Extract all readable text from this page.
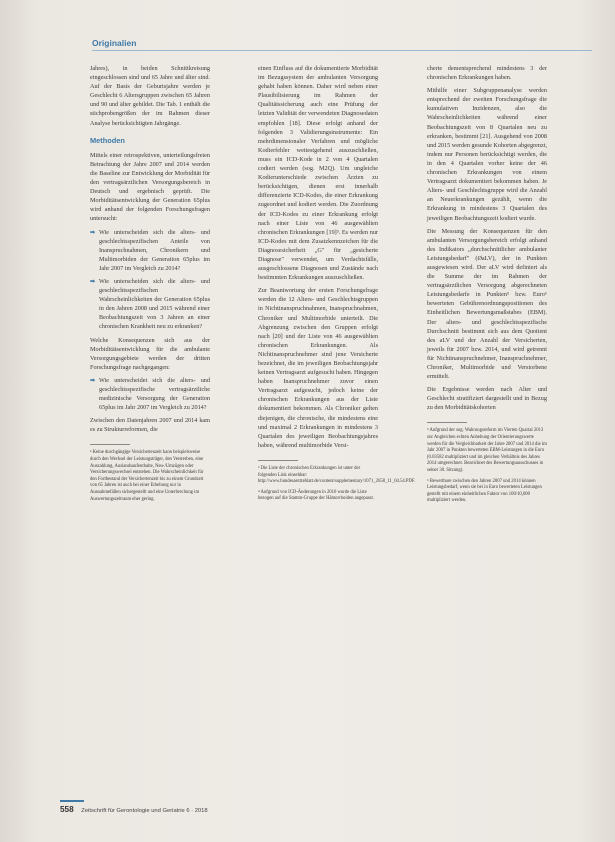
Originalien

Jahres), in beiden Schnittkreisung eingeschlossen sind und 65 Jahre und älter sind. Auf der Basis der Geburtsjahre werden je Geschlecht 6 Altersgruppen zwischen 65 Jahren und 90 und älter gebildet. Die Tab. 1 enthält die stichprobengrößen der im Rahmen dieser Analyse berücksichtigten Jahrgänge.

Methoden

Mittels einer retrospektiven, unterteilungsfreien Betrachtung der Jahre 2007 und 2014 werden die Baseline zur Entwicklung der Morbidität für den vertragsärztlichen Versorgungsbereich in Deutsch und ergebnisch geprüft. Die Morbiditätsentwicklung der Generation 65plus wird anhand der folgenden Forschungsfragen untersucht:

➡ Wie unterscheiden sich die alters- und geschlechtsspezifischen Anteile von Inanspruchnahmen, Chronikern und Multimorbiden der Generation 65plus im Jahr 2007 im Vergleich zu 2014?
➡ Wie unterscheiden sich die alters- und geschlechtsspezifischen Wahrscheinlichkeiten der Generation 65plus in den Jahren 2008 und 2015 während einer Beobachtungszeit von 3 Jahren an einer chronischen Krankheit neu zu erkranken?

Welche Konsequenzen sich aus der Morbiditätsentwicklung für die ambulante Versorgungsgebiete werden der dritten Forschungsfrage nachgegangen:

➡ Wie unterscheidet sich die alters- und geschlechtsspezifische vertragsärztliche medizinische Versorgung der Generation 65plus im Jahr 2007 im Vergleich zu 2014?

Zwischen den Datenjahren 2007 und 2014 kam es zu Strukturreformen, die

² Keine durchgängige Versichertenzeit kann beispielsweise durch den Wechsel der Leistungsträger, den Versterben, eine Auszahlung, Auslandsaufenthalte, Neu-/Umzügen oder Versicherungswechsel entstehen. Die Wahrscheinlichkeit für den Fortbestand der Versichertenzeit bis zu einem Grundzeit von 65 Jahren ist auch bei einer Erhebung nur in Ausnahmefällen sichergestellt und eine Unterbrechung im Auswertungszeitraum eher gering.

einen Einfluss auf die dokumentierte Morbidität im Bezugssystem der ambulanten Versorgung gehabt haben können. Daher wird neben einer Plausibilisierung im Rahmen der Qualitätssicherung auch eine Prüfung der letzten Validität der verwendeten Diagnosedaten empfohlen [18]. Diese erfolgt anhand der folgenden 3 Validierungsinstrumente: Ein mehrdimensionaler Verfahren und mögliche Kodierfehler weitestgehend auszuschließen, muss ein ICD-Kode in 2 von 4 Quartalen codiert werden (sog. M2Q). Um ungleiche Kodierunterschiede zwischen Ärzten zu berücksichtigen, dienen erst innerhalb differenzierte ICD-Kodes, die einer Erkrankung zugeordnet und kodiert werden. Die Zuordnung der ICD-Kodes zu einer Erkrankung erfolgt nach einer Liste von 46 ausgewählten chronischen Erkrankungen [19]³. Es werden nur ICD-Kodes mit dem Zusatzkennzeichen für die Diagnosesicherheit „G" für „gesicherte Diagnose" verwendet, um Verdachtsfälle, ausgeschlossene Diagnosen und Zustände nach bestimmten Erkrankungen auszuschließen.

Zur Beantwortung der ersten Forschungsfrage werden die 12 Alters- und Geschlechtsgruppen in Nichtinanspruchnahmen, Inanspruchnahmen, Chroniker und Multimorbide unterteilt. Die Abgrenzung zwischen den Gruppen erfolgt nach [20] und der Liste von 46 ausgewählten chronischen Erkrankungen. Als Nichtinanspruchnehmer sind jene Versicherte bezeichnet, die im jeweiligen Beobachtungsjahr keinen Vertragsarzt aufgesucht haben. Hingegen haben Inanspruchnehmer zuvor einen Vertragsarzt aufgesucht, jedoch keine der chronischen Erkrankungen aus der Liste dokumentiert bekommen. Als Chroniker gelten diejenigen, die chronische, die mindestens eine und maximal 2 Erkrankungen in mindestens 3 Quartalen des jeweiligen Beobachtungsjahres haben, während multimorbide Versi-

³ Die Liste der chronischen Erkrankungen ist unter der folgenden Link einsehbar: http://www.bundesaerzteblatt.de/content/supplementary/1071_2658_11_04.54.PDF.

⁴ Aufgrund von ICD-Änderungen in 2010 wurde die Liste bezogen auf die Stamm-Gruppe der Hämorrhoiden angepasst.

cherte dementsprechend mindestens 3 der chronischen Erkrankungen haben.

Mithilfe einer Subgruppenanalyse werden entsprechend der zweiten Forschungsfrage die kumulativen Inzidenzen, also die Wahrscheinlichkeiten während einer Beobachtungszeit von 8 Quartalen neu zu erkranken, bestimmt [21]. Ausgehend von 2008 und 2015 werden gesunde Kohorten abgegrenzt, indem nur Personen berücksichtigt werden, die in den 4 Quartalen vorher keine der 46 chronischen Erkrankungen von einem Vertragsarzt dokumentiert bekommen haben. Je Alters- und Geschlechtsgruppe wird die Anzahl an Neuerkrankungen gezählt, wenn die Erkrankung in mindestens 3 Quartalen des jeweiligen Beobachtungszeit kodiert wurde.

Die Messung der Konsequenzen für den ambulanten Versorgungsbereich erfolgt anhand des Indikators „durchschnittlicher ambulanter Leistungsbedarf" (ØaLV), der in Punkten ausgewiesen wird. Der aLV wird definiert als die Summe der im Rahmen der vertragsärztlichen Versorgung abgerechneten Leistungsbedarfe in Punkten⁵ bzw. Euro⁶ bewerteten Gebührenordnungspositionen des Einheitlichen Bewertungsmaßstabes (EBM). Der alters- und geschlechtsspezifische Durchschnitt bestimmt sich aus dem Quotient des aLV und der Anzahl der Versicherten, jeweils für 2007 bzw. 2014, und wird getrennt für Nichtinanspruchnehmer, Inanspruchnehmer, Chroniker, Multimorbide und Verstorbene ermittelt.

Die Ergebnisse werden nach Alter und Geschlecht stratifiziert dargestellt und in Bezug zu den Morbiditätskohorten

⁵ Aufgrund der sog. Wahrungsreform im Vierten Quartal 2013 zur Angleichen echten Anhebung der Orientierungswerte werden für die Vergleichbarkeit der Jahre 2007 und 2014 die im Jahr 2007 in Punkten bewerteten EBM-Leistungen in die Euro (0.03582 multipliziert und im gleichen Verhältnis des Jahres 2014 umgerechnet. Bezeichnet des Bewertungsausschusses in seiner 30. Sitzung).

⁶ Bewertbare zwischen den Jahren 2007 und 2014 können Leistungsbedarf, wenn sie bei in Euro bewerteten Leistungen gestellt mit einem einheitlichen Faktor von 100/10,000 multipliziert werden.

558 Zeitschrift für Gerontologie und Geriatrie 6 · 2018
